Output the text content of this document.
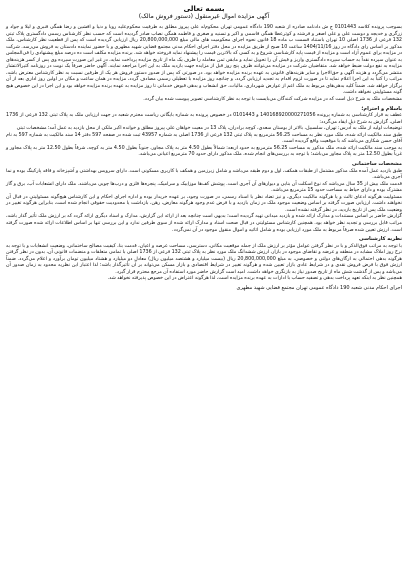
بسمه تعالی
آگهی مزایده اموال غیرمنقول (دستور فروش مالک)

بسوجب پرونده کلاسه 0101443 ج ش دادنامه صادره از شعبه 190 دادگاه عمومی تهران محکوم‌له علی پیروز مطلق به طرفیت محکوم‌علیه رویا و دنیا و افشین و رضا همگی قنبری و لیلا و جواد و زرگری و خدیجه و دوست علی و علی اصغر و فرشته و کوثرعطا همگی فاسمی و اکبر و تسنیه و صغری و فاطمه همگی نصاب صادر گردیده است که حسب نظر کارشناس رسمی دادگستری پلاک ثبتی 132 فرعی از 1736 اصلی 10 تهران باستناد قسمت ب ماده 18 قانون نحوه اجرای محکومیت های مالی مبلغ 20,800,000,000 ریال ارزیابی گردیده است که پس از قطعیت نظر کارشناس، ملک مذکور بر اساس رای دادگاه در روز 1404/11/16 ساعت 10 صبح از طریق مزایده در محل دفتر اجرای احکام مدنی مجتمع قضایی شهید مطهری و با حضور نماینده دادستان به فروش می‌رسد. شرکت در مزایده برای عموم آزاد است و مزایده از قیمت پایه کارشناسی شروع و به کسی که بالاترین قیمت را پیشنهاد نماید فروخته خواهد شد. برنده مزایده مکلف است ده درصد مبلغ پیشنهادی را فی‌المجلس به عنوان سپرده نقداً به حساب سپرده دادگستری واریز و فیش آن را تحویل نماید و مابقی ثمن معامله را ظرف یک ماه از تاریخ مزایده پرداخت نماید، در غیر این صورت سپرده وی پس از کسر هزینه‌های مزایده به نفع دولت ضبط خواهد شد. متقاضیان شرکت در مزایده می‌توانند ظرف پنج روز قبل از مزایده جهت بازدید ملک به این اجرا مراجعه نمایند. آگهی حاضر صرفاً یک نوبت در روزنامه کثیرالانتشار منتشر می‌گردد و هزینه آگهی و حق‌الاجرا و سایر هزینه‌های قانونی به عهده برنده مزایده خواهد بود. در صورتی که پس از صدور دستور فروش هر یک از طرفین نسبت به نظر کارشناس معترض باشد، مراتب را کتباً به این اجرا اعلام نماید تا در صورت لزوم اقدام به تجدید ارزیابی گردد، و چنانچه روز مزایده با تعطیلی رسمی مصادف گردد، مزایده در همان ساعت و مکان در اولین روز اداری بعد از آن برگزار خواهد شد. ضمناً کلیه بدهی‌های مربوط به ملک اعم از عوارض شهرداری، مالیات، حق انشعاب و بدهی قبوض خدماتی تا روز مزایده به عهده برنده مزایده خواهد بود و این اجرا در این خصوص هیچ گونه مسئولیتی نخواهد داشت.

مشخصات ملک به شرح ذیل است که در مزایده شرکت کنندگان می‌بایست با توجه به نظر کارشناسی تصویر پیوست شده بیان گردد.

باسلام و احترام؛

عطف به قرار کارشناسی به شماره پرونده 140168920000271056 و 0101443 در خصوص پرونده به شماره بایگانی ریاست محترم شعبه در جهت ارزیابی ملک به پلاک ثبتی 132 فرعی از 1736 اصلی، گزارش به شرح ذیل ایفاد می‌گردد:

توضیحات اولیه از ملک به آدرس: تهران، سلسبیل، بالاتر از بوستان سعدی، کوچه برادران، پلاک 13 در معیت خواهان علی پیروز مطلق و خوانده اکبر ملکی از محل بازدید به عمل آمد؛ مشخصات ثبتی

طبق سند مالکیت ارائه شده، ملک مورد نظر به مساحت 56.25 مترمربع به پلاک ثبتی 132 فرعی از 1736 اصلی به شماره 43957 ثبت شده در صفحه 597 دفتر 14 سند مالکیت به شماره 597 به نام آقای حسن شکاری می‌باشد که با موقعیت واقع گردیده است.

به موجب سند مالکیت ارائه شده، ملک مذکور به مساحت 56.25 مترمربع به حدود اربعه: شمالاً بطول 4.50 متر به پلاک مجاور، جنوباً بطول 4.50 متر به کوچه، شرقاً بطول 12.50 متر به پلاک مجاور و غرباً بطول 12.50 متر به پلاک مجاور می‌باشد؛ با توجه به بررسی‌های انجام شده، ملک مذکور دارای حدود 70 مترمربع اعیانی می‌باشد.

مشخصات ساختمانی

طبق بازدید عمل آمده ملک مذکور مشتمل از طبقات همکف، اول و دوم طبقه می‌باشد و شامل زیرزمین و همکف با کاربری مسکونی است. دارای سرویس بهداشتی و آشپزخانه و فاقد پارکینگ بوده و نما آجری می‌باشد.

قدمت ملک بیش از 35 سال می‌باشد که نوع اسکلت آن بنایی و دیوارهای آن آجری است. پوشش کف‌ها موزاییک و سرامیک، پنجره‌ها فلزی و درب‌ها چوبی می‌باشند. ملک دارای انشعابات آب، برق و گاز مشترک بوده و دارای حیاط به مساحت حدود 15 مترمربع می‌باشد.

مسئولیت هرگونه ادعای ثالث و یا هرگونه مالکیت دیگری، و نیز تضاد نظر با اسناد رسمی، در صورت وجود، بر عهده خریدار بوده و اداره اجرای احکام و این کارشناس هیچ‌گونه مسئولیتی در قبال آن نخواهند داشت. ارزیابی صورت گرفته بر اساس وضعیت موجود ملک در زمان بازدید و با فرض عدم وجود هرگونه معارض، رهن، بازداشت یا محدودیت حقوقی انجام شده است، بنابراین هرگونه تغییر در وضعیت ملک پس از تاریخ بازدید، در نظر گرفته نشده است.

گزارش حاضر بر اساس مستندات و مدارک ارائه شده و بازدید میدانی تهیه گردیده است؛ بدیهی است چنانچه بعد از ارائه این گزارش، مدارک و اسناد دیگری ارائه گردد که بر ارزش ملک تأثیر گذار باشد، مراتب قابل بررسی و تجدید نظر خواهد بود. همچنین کارشناس مسئولیتی در قبال صحت اسناد و مدارک ارائه شده از سوی طرفین ندارد و این بررسی تنها بر اساس اطلاعات ارائه شده صورت گرفته است. ارزش تعیین شده صرفاً مربوط به ملک مورد ارزیابی بوده و شامل اثاثیه و اموال منقول موجود در آن نمی‌گردد.

نظریه کارشناسی

با توجه به مراتب فوق‌الذکر و با در نظر گرفتن عوامل مؤثر بر ارزش ملک از جمله موقعیت مکانی، دسترسی، مساحت عرصه و اعیان، قدمت بنا، کیفیت مصالح ساختمانی، وضعیت انشعابات و با توجه به نرخ روز املاک مشابه در منطقه و عرضه و تقاضای موجود در بازار، ارزش ششدانگ ملک مورد نظر به پلاک ثبتی 132 فرعی از 1736 اصلی با تمامی متعلقات و منضمات قانونی آن، بدون در نظر گرفتن هرگونه بدهی احتمالی به ارگان‌های دولتی و خصوصی، به مبلغ 20,800,000,000 ریال (بیست میلیارد و هشتصد میلیون ریال) معادل دو میلیارد و هشتاد میلیون تومان برآورد و اعلام می‌گردد. ضمناً ارزش فوق با فرض فروش نقدی و در شرایط عادی بازار تعیین شده و هرگونه تغییر در شرایط اقتصادی و بازار مسکن می‌تواند بر آن تأثیرگذار باشد؛ لذا اعتبار این نظریه محدود به زمان صدور آن می‌باشد و پس از گذشت شش ماه از تاریخ صدور نیاز به بازنگری خواهد داشت. امید است گزارش حاضر مورد استفاده آن مرجع محترم قرار گیرد.

همچنین نظر به اینکه تعهد پرداخت بدهی و تصفیه حساب با ادارات به عهده برنده مزایده است، لذا هرگونه اعتراض در این خصوص پذیرفته نخواهد شد.

اجرای احکام مدنی شعبه 190 دادگاه عمومی تهران مجتمع قضایی شهید مطهری
